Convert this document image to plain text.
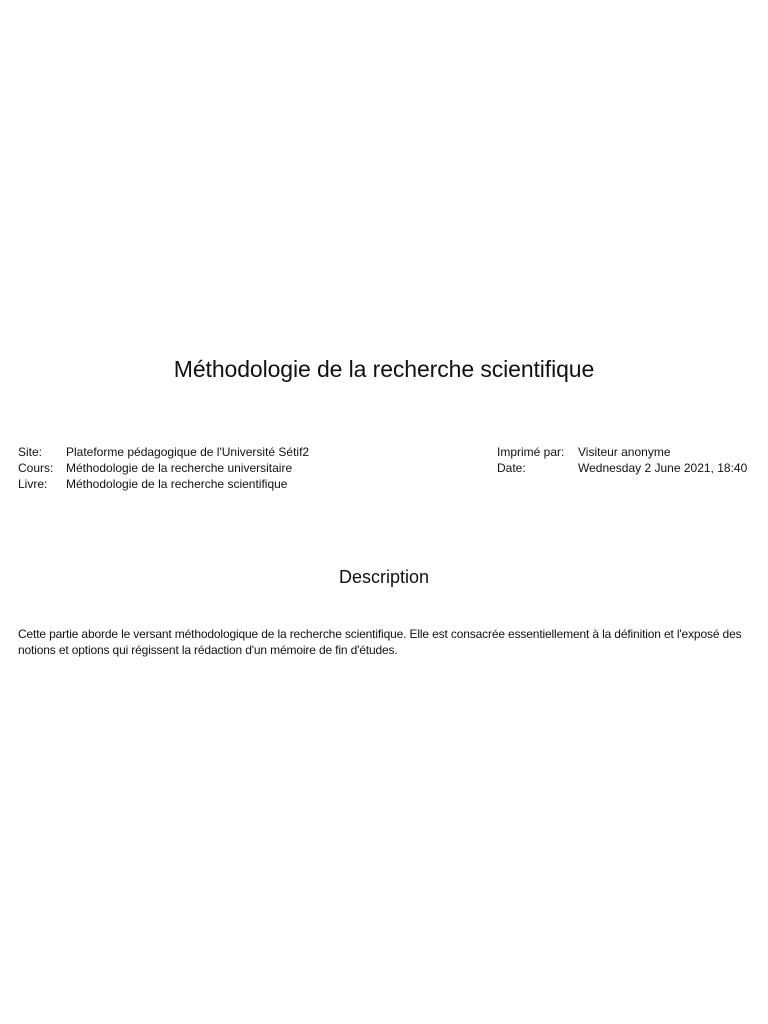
Méthodologie de la recherche scientifique
Site: Plateforme pédagogique de l'Université Sétif2
Cours: Méthodologie de la recherche universitaire
Livre: Méthodologie de la recherche scientifique
Imprimé par: Visiteur anonyme
Date:	Wednesday 2 June 2021, 18:40
Description

Cette partie aborde le versant méthodologique de la recherche scientifique. Elle est consacrée essentiellement à la définition et l'exposé des notions et options qui régissent la rédaction d'un mémoire de fin d'études.
